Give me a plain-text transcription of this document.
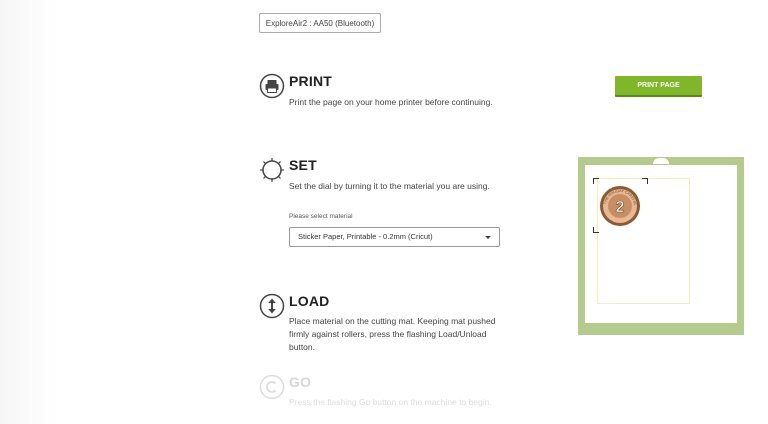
ExploreAir2 : AA50 (Bluetooth)
PRINT
Print the page on your home printer before continuing.
PRINT PAGE
SET
Set the dial by turning it to the material you are using.
Please select material
Sticker Paper, Printable - 0.2mm (Cricut)
LOAD
Place material on the cutting mat. Keeping mat pushed firmly against rollers, press the flashing Load/Unload button.
GO
Press the flashing Go button on the machine to begin.
THE HOLIDAY CAREFUL
2
